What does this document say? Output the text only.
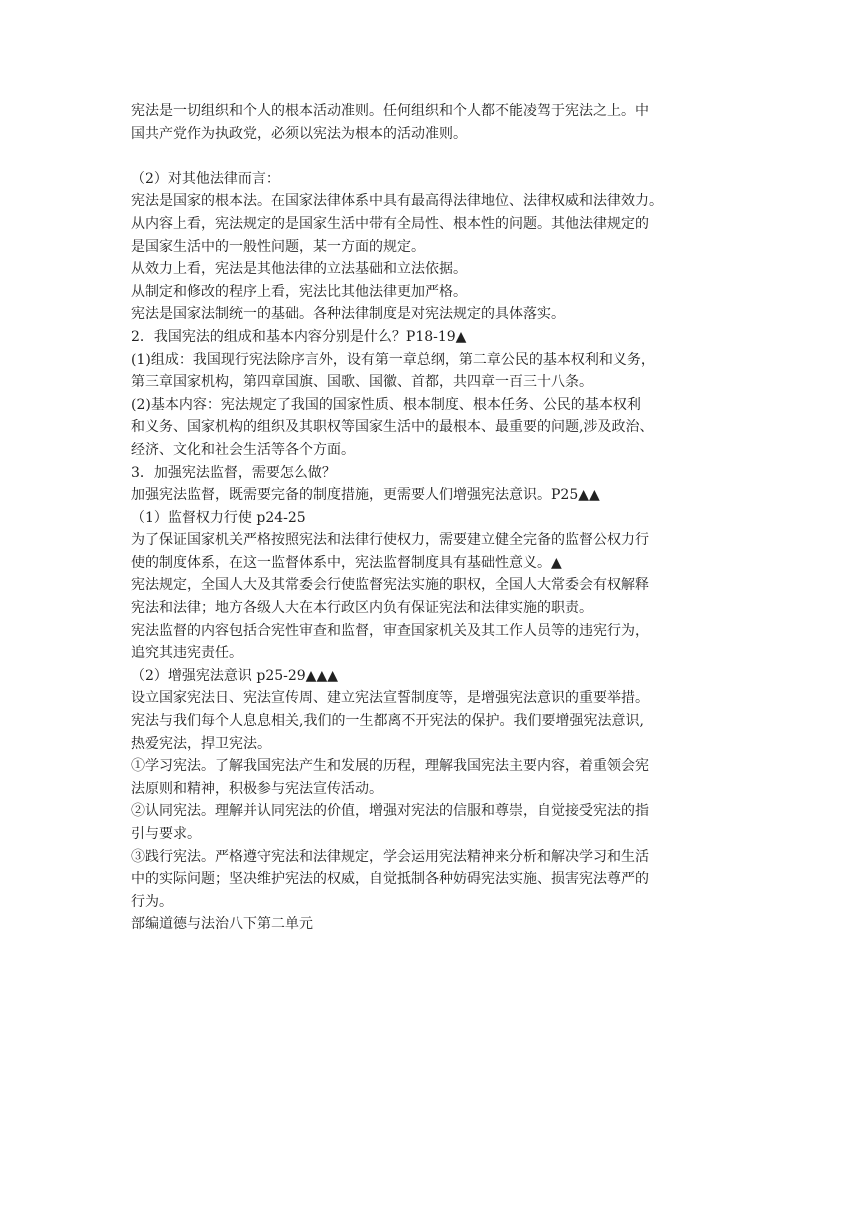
宪法是一切组织和个人的根本活动准则。任何组织和个人都不能凌驾于宪法之上。中
国共产党作为执政党，必须以宪法为根本的活动准则。
（2）对其他法律而言：
宪法是国家的根本法。在国家法律体系中具有最高得法律地位、法律权威和法律效力。
从内容上看，宪法规定的是国家生活中带有全局性、根本性的问题。其他法律规定的
是国家生活中的一般性问题，某一方面的规定。
从效力上看，宪法是其他法律的立法基础和立法依据。
从制定和修改的程序上看，宪法比其他法律更加严格。
宪法是国家法制统一的基础。各种法律制度是对宪法规定的具体落实。
2．我国宪法的组成和基本内容分别是什么？P18-19▲
(1)组成：我国现行宪法除序言外，设有第一章总纲，第二章公民的基本权利和义务，
第三章国家机构，第四章国旗、国歌、国徽、首都，共四章一百三十八条。
(2)基本内容：宪法规定了我国的国家性质、根本制度、根本任务、公民的基本权利
和义务、国家机构的组织及其职权等国家生活中的最根本、最重要的问题,涉及政治、
经济、文化和社会生活等各个方面。
3．加强宪法监督，需要怎么做？
加强宪法监督，既需要完备的制度措施，更需要人们增强宪法意识。P25▲▲
（1）监督权力行使 p24-25
为了保证国家机关严格按照宪法和法律行使权力，需要建立健全完备的监督公权力行
使的制度体系，在这一监督体系中，宪法监督制度具有基础性意义。▲
宪法规定，全国人大及其常委会行使监督宪法实施的职权，全国人大常委会有权解释
宪法和法律；地方各级人大在本行政区内负有保证宪法和法律实施的职责。
宪法监督的内容包括合宪性审查和监督，审查国家机关及其工作人员等的违宪行为，
追究其违宪责任。
（2）增强宪法意识 p25-29▲▲▲
设立国家宪法日、宪法宣传周、建立宪法宣誓制度等，是增强宪法意识的重要举措。
宪法与我们每个人息息相关,我们的一生都离不开宪法的保护。我们要增强宪法意识,
热爱宪法，捍卫宪法。
①学习宪法。了解我国宪法产生和发展的历程，理解我国宪法主要内容，着重领会宪
法原则和精神，积极参与宪法宣传活动。
②认同宪法。理解并认同宪法的价值，增强对宪法的信服和尊崇，自觉接受宪法的指
引与要求。
③践行宪法。严格遵守宪法和法律规定，学会运用宪法精神来分析和解决学习和生活
中的实际问题；坚决维护宪法的权威，自觉抵制各种妨碍宪法实施、损害宪法尊严的
行为。
部编道德与法治八下第二单元
